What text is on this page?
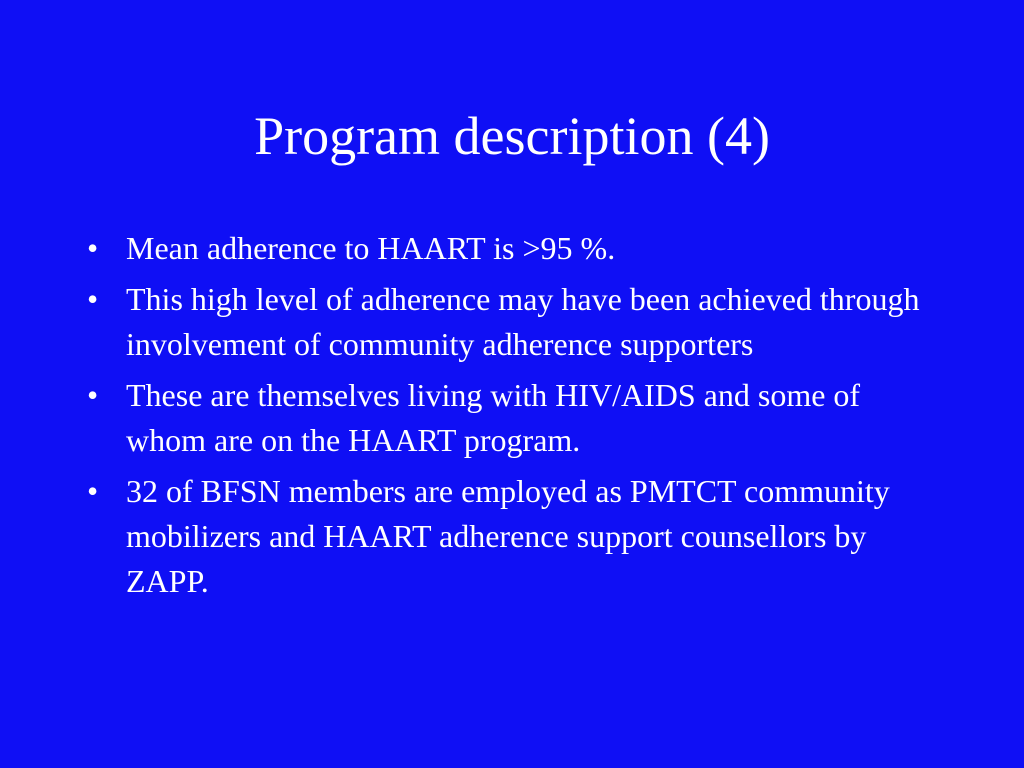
Program description (4)
• Mean adherence to HAART is >95 %.
• This high level of adherence may have been achieved through involvement of community adherence supporters
• These are themselves living with HIV/AIDS and some of whom are on the HAART program.
• 32 of BFSN members are employed as PMTCT community mobilizers and HAART adherence support counsellors by ZAPP.
